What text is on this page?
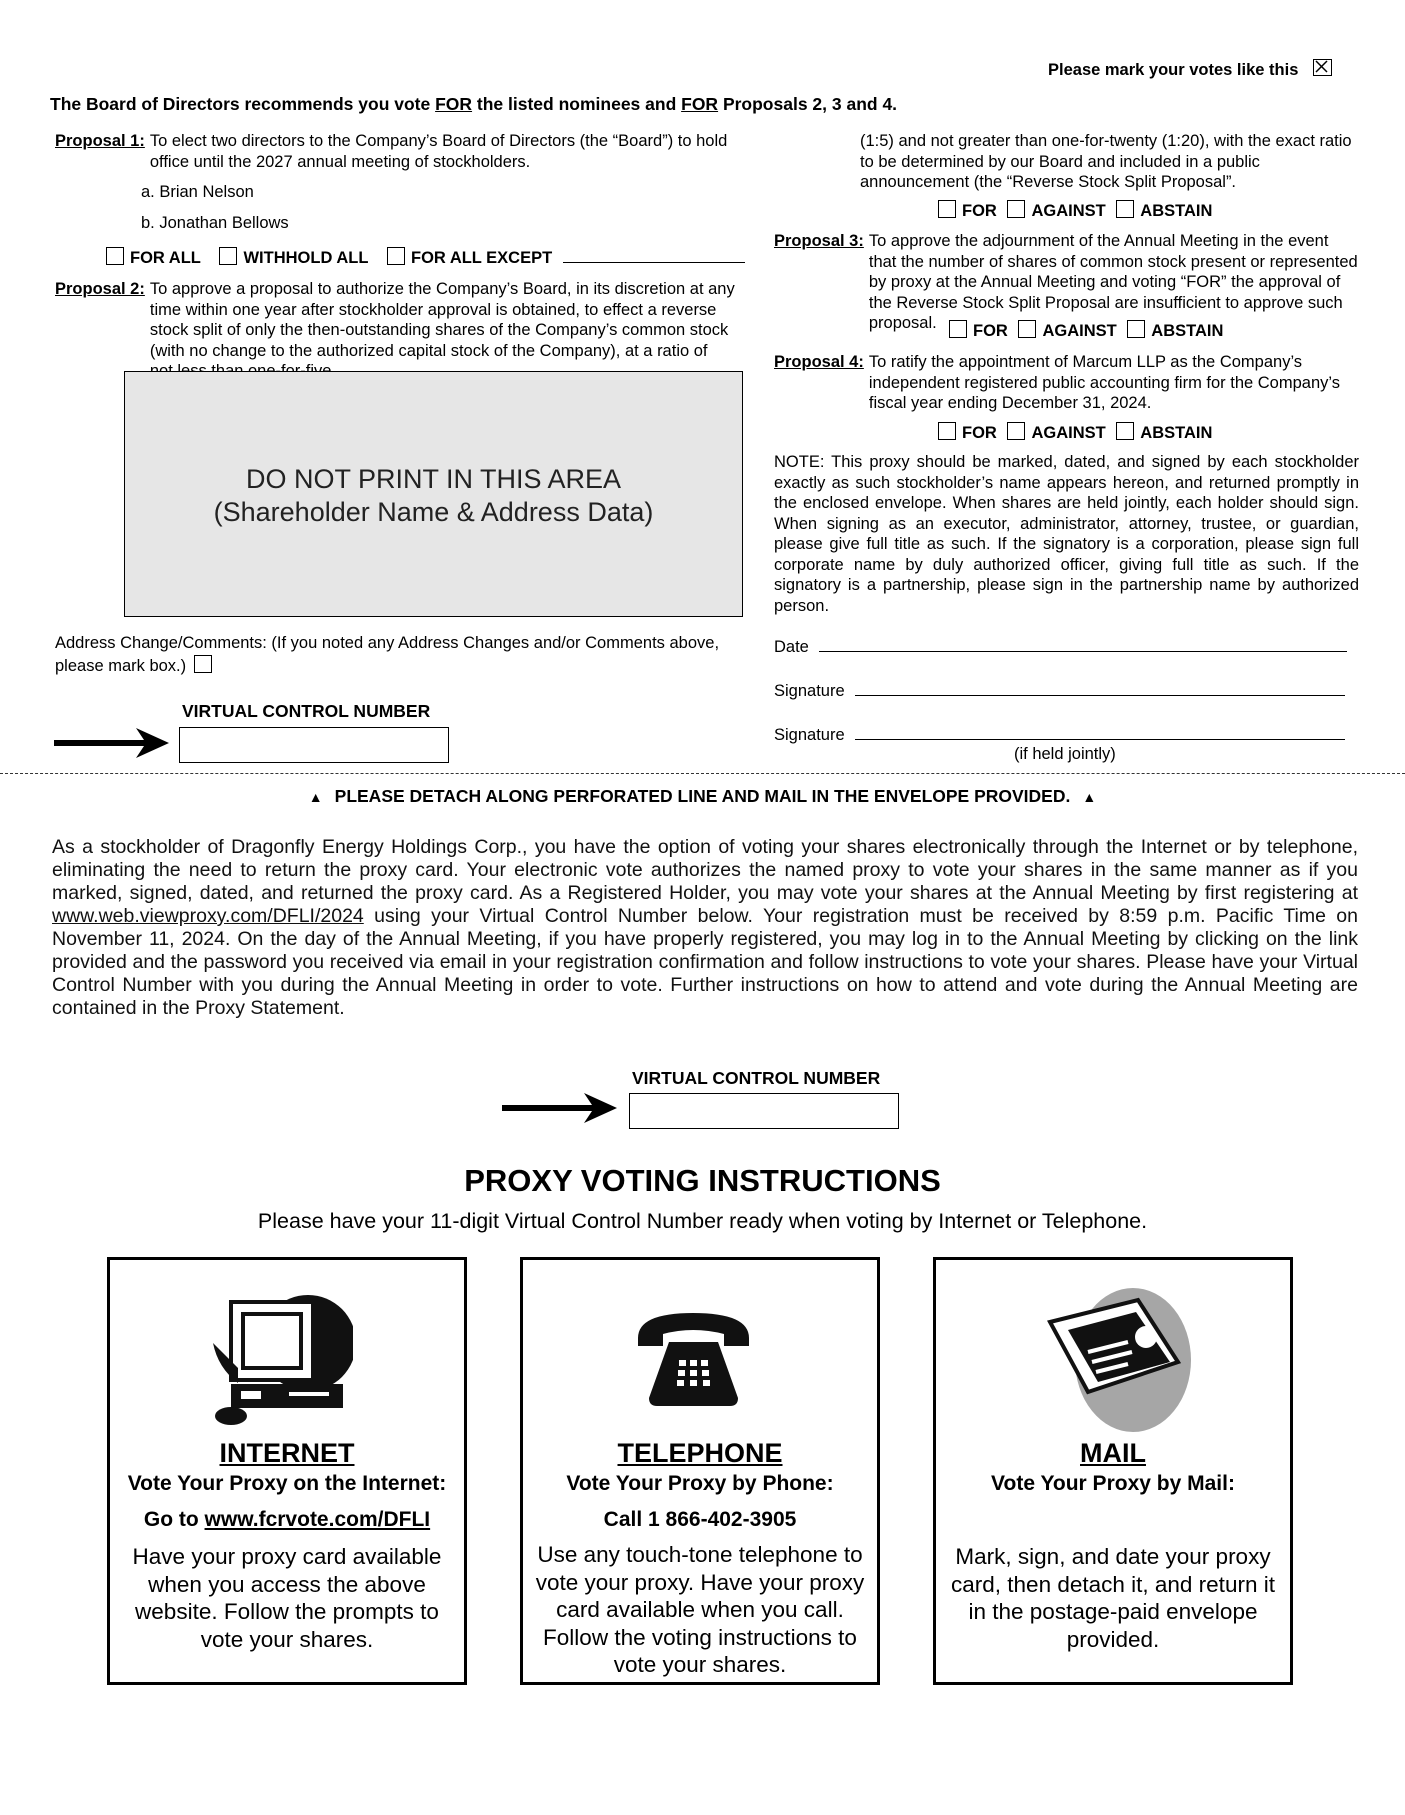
Please mark your votes like this
The Board of Directors recommends you vote FOR the listed nominees and FOR Proposals 2, 3 and 4.
Proposal 1: To elect two directors to the Company’s Board of Directors (the “Board”) to hold office until the 2027 annual meeting of stockholders.
a. Brian Nelson
b. Jonathan Bellows
FOR ALL	WITHHOLD ALL	FOR ALL EXCEPT
Proposal 2: To approve a proposal to authorize the Company’s Board, in its discretion at any time within one year after stockholder approval is obtained, to effect a reverse stock split of only the then-outstanding shares of the Company’s common stock (with no change to the authorized capital stock of the Company), at a ratio of
DO NOT PRINT IN THIS AREA
(Shareholder Name & Address Data)
Address Change/Comments: (If you noted any Address Changes and/or Comments above, please mark box.)
VIRTUAL CONTROL NUMBER
(1:5) and not greater than one-for-twenty (1:20), with the exact ratio to be determined by our Board and included in a public announcement (the “Reverse Stock Split Proposal”.
FOR AGAINST ABSTAIN
Proposal 3: To approve the adjournment of the Annual Meeting in the event that the number of shares of common stock present or represented by proxy at the Annual Meeting and voting “FOR” the approval of the Reverse Stock Split Proposal are insufficient to approve such proposal.	FOR AGAINST ABSTAIN
Proposal 4: To ratify the appointment of Marcum LLP as the Company’s independent registered public accounting firm for the Company’s fiscal year ending December 31, 2024.
FOR AGAINST ABSTAIN
NOTE: This proxy should be marked, dated, and signed by each stockholder exactly as such stockholder’s name appears hereon, and returned promptly in the enclosed envelope. When shares are held jointly, each holder should sign. When signing as an executor, administrator, attorney, trustee, or guardian, please give full title as such. If the signatory is a corporation, please sign full corporate name by duly authorized officer, giving full title as such. If the signatory is a partnership, please sign in the partnership name by authorized person.
Date
Signature
Signature
(if held jointly)
▲ PLEASE DETACH ALONG PERFORATED LINE AND MAIL IN THE ENVELOPE PROVIDED. ▲
As a stockholder of Dragonfly Energy Holdings Corp., you have the option of voting your shares electronically through the Internet or by telephone, eliminating the need to return the proxy card. Your electronic vote authorizes the named proxy to vote your shares in the same manner as if you marked, signed, dated, and returned the proxy card. As a Registered Holder, you may vote your shares at the Annual Meeting by first registering at www.web.viewproxy.com/DFLI/2024 using your Virtual Control Number below. Your registration must be received by 8:59 p.m. Pacific Time on November 11, 2024. On the day of the Annual Meeting, if you have properly registered, you may log in to the Annual Meeting by clicking on the link provided and the password you received via email in your registration confirmation and follow instructions to vote your shares. Please have your Virtual Control Number with you during the Annual Meeting in order to vote. Further instructions on how to attend and vote during the Annual Meeting are contained in the Proxy Statement.
VIRTUAL CONTROL NUMBER
PROXY VOTING INSTRUCTIONS
Please have your 11-digit Virtual Control Number ready when voting by Internet or Telephone.
INTERNET
Vote Your Proxy on the Internet:
Go to www.fcrvote.com/DFLI
Have your proxy card available when you access the above website. Follow the prompts to vote your shares.
TELEPHONE
Vote Your Proxy by Phone:
Call 1 866-402-3905
Use any touch-tone telephone to vote your proxy. Have your proxy card available when you call. Follow the voting instructions to vote your shares.
MAIL
Vote Your Proxy by Mail:
Mark, sign, and date your proxy card, then detach it, and return it in the postage-paid envelope provided.
